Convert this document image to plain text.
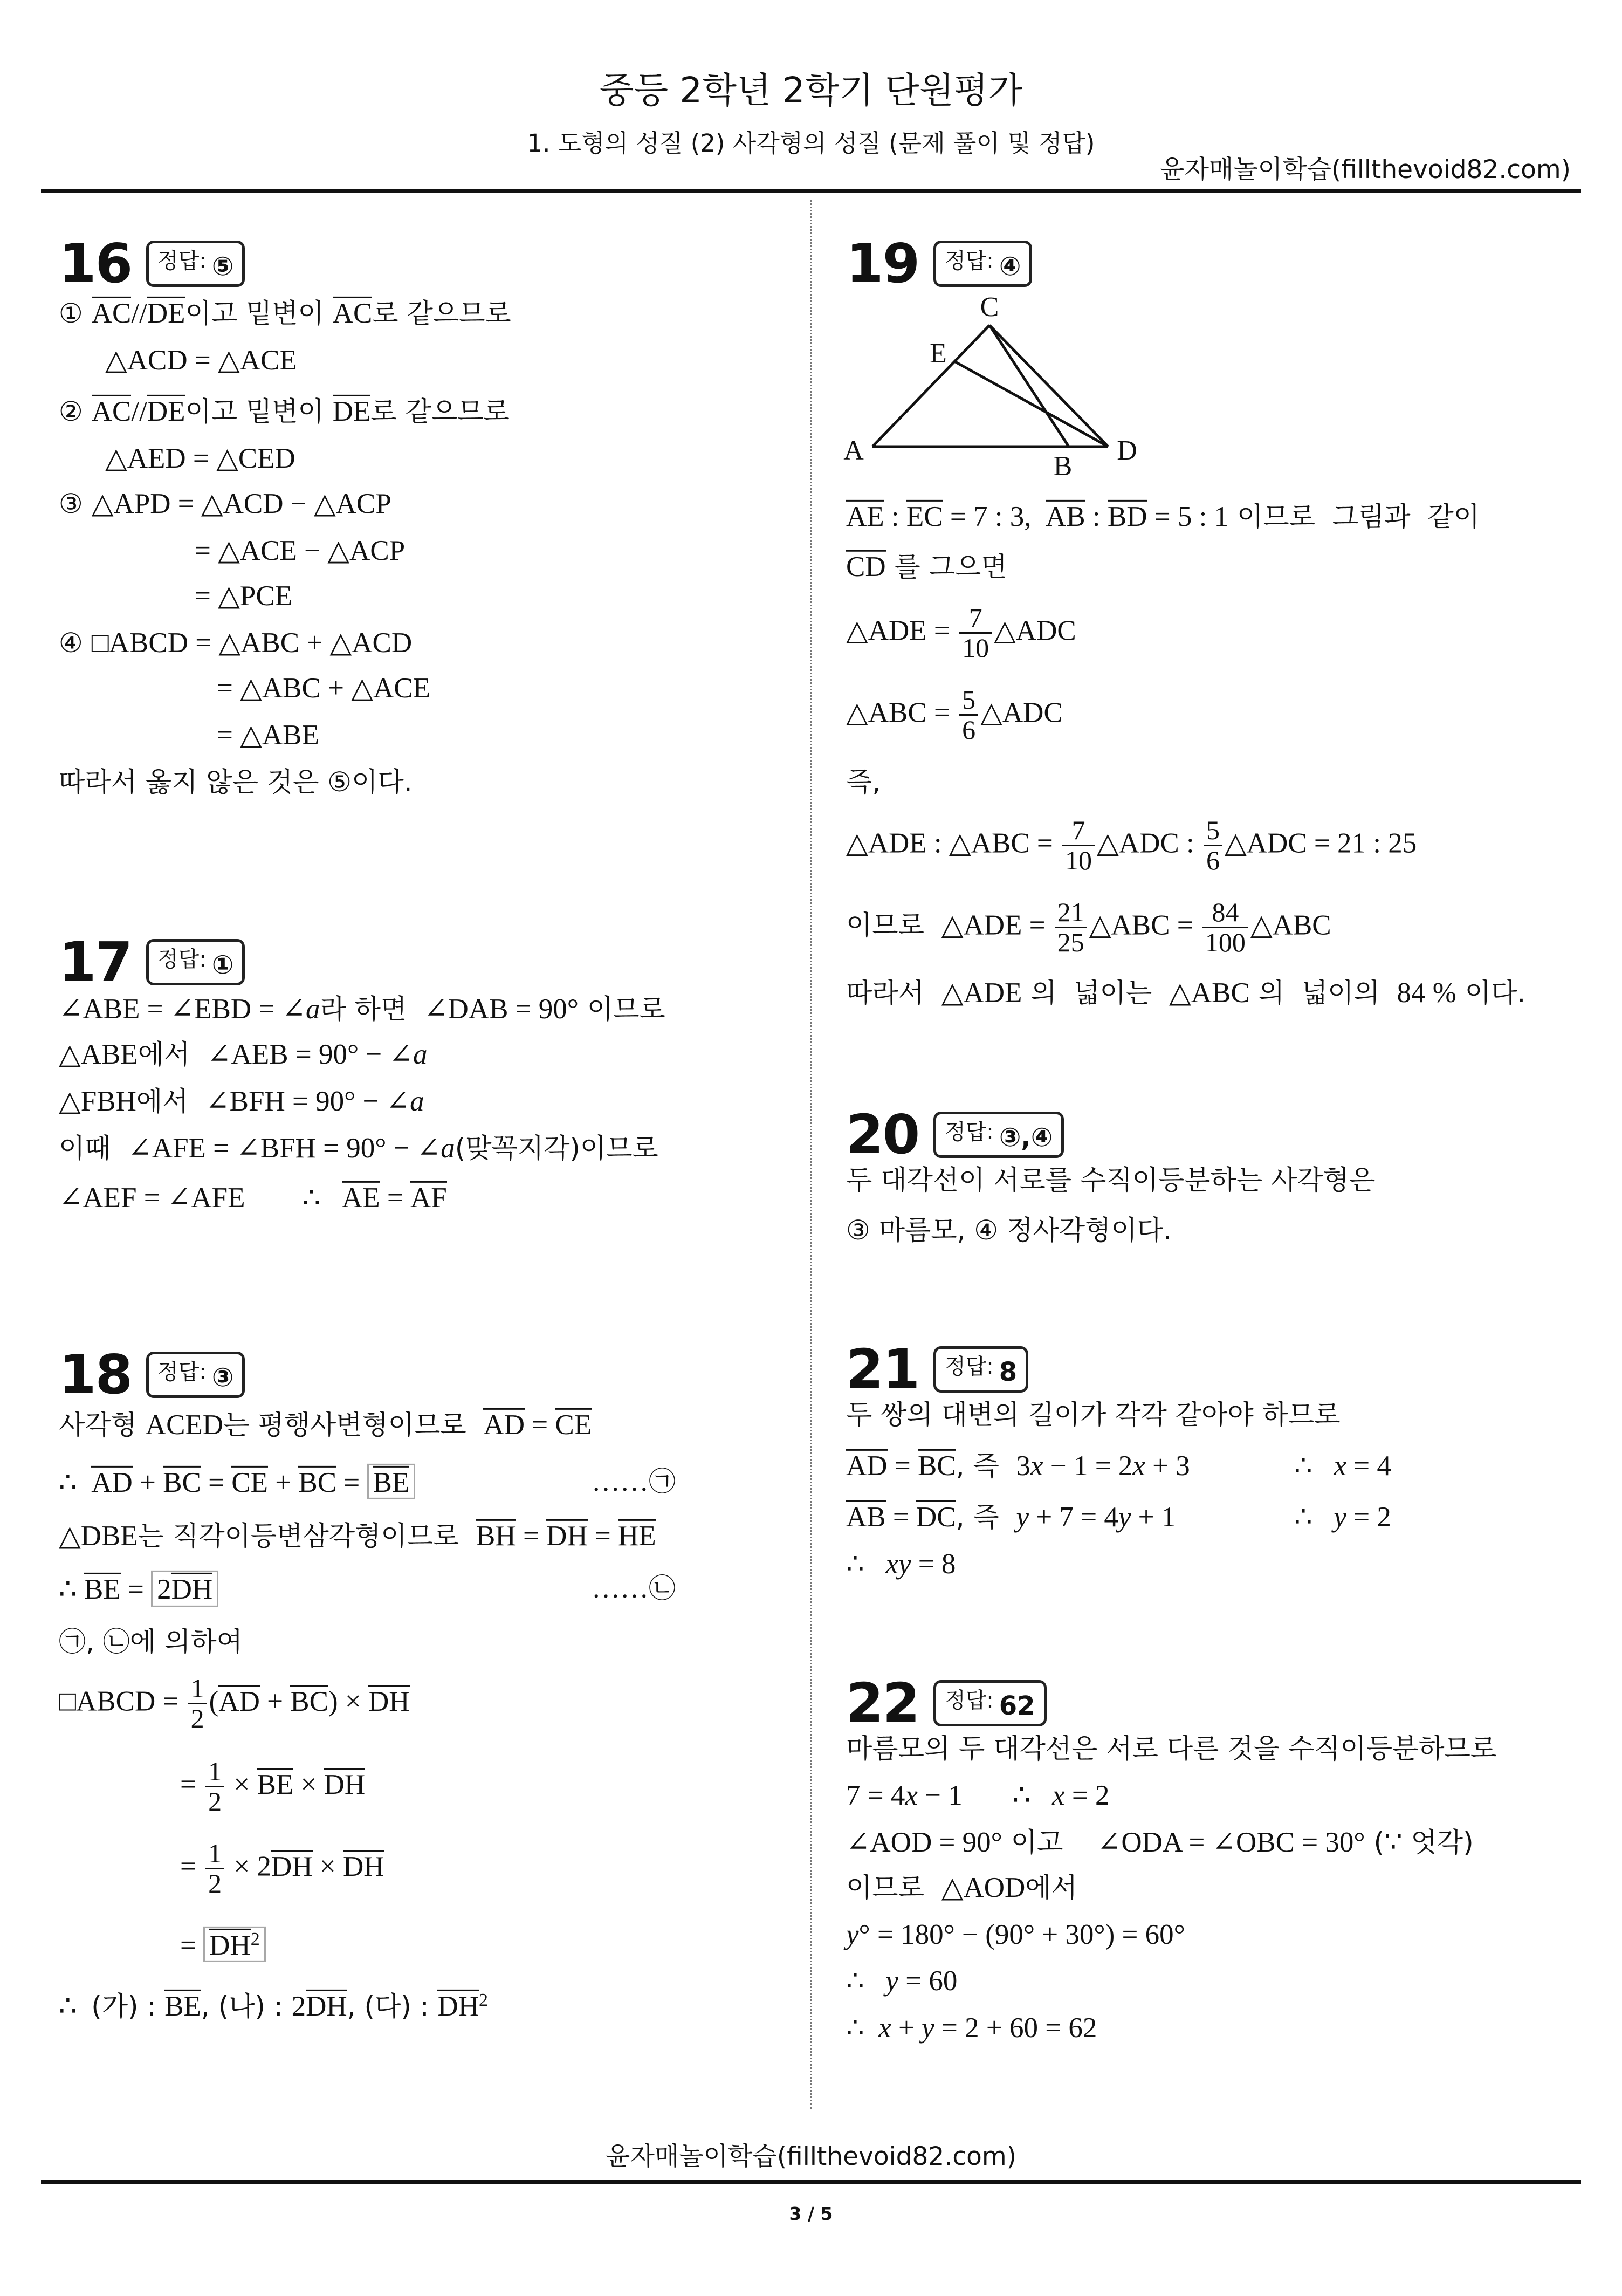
중등 2학년 2학기 단원평가
1. 도형의 성질 (2) 사각형의 성질 (문제 풀이 및 정답)
윤자매놀이학습(fillthevoid82.com)
A
C
E
B
D
윤자매놀이학습(fillthevoid82.com)
3 / 5
16 정답: ⑤
① AC//DE이고 밑변이 AC로 같으므로
△ACD = △ACE
② AC//DE이고 밑변이 DE로 같으므로
△AED = △CED
③ △APD = △ACD − △ACP
= △ACE − △ACP
= △PCE
④ □ABCD = △ABC + △ACD
= △ABC + △ACE
= △ABE
따라서 옳지 않은 것은 ⑤이다.
17 정답: ①
∠ABE = ∠EBD = ∠a라 하면  ∠DAB = 90° 이므로
△ABE에서  ∠AEB = 90° − ∠a
△FBH에서  ∠BFH = 90° − ∠a
이때  ∠AFE = ∠BFH = 90° − ∠a(맞꼭지각)이므로
∠AEF = ∠AFE        ∴   AE = AF
18 정답: ③
사각형 ACED는 평행사변형이므로  AD = CE
∴  AD + BC = CE + BC = BE	……㉠
△DBE는 직각이등변삼각형이므로  BH = DH = HE
∴ BE = 2DH	……㉡
㉠, ㉡에 의하여
□ABCD = $\frac{1}{2} (AD + BC)$ × DH
= $\frac{1}{2}$ × BE × DH
= $\frac{1}{2} \times 2DH$ × DH
= $DH^2$
∴  (가) : BE, (나) : 2DH, (다) : $DH^2$
19 정답: ④
AE : EC = 7 : 3,  AB : BD = 5 : 1 이므로  그림과  같이
CD 를 그으면
△ADE = $\frac{7}{10}$ △ADC
△ABC = $\frac{5}{6}$ △ADC
즉,
△ADE : △ABC = $\frac{7}{10}$ △ADC : $\frac{5}{6}$ △ADC = 21 : 25
이므로  △ADE = $\frac{21}{25}$ △ABC = $\frac{84}{100}$ △ABC
따라서  △ADE 의  넓이는  △ABC 의  넓이의  84 % 이다.
20 정답: ③,④
두 대각선이 서로를 수직이등분하는 사각형은
③ 마름모, ④ 정사각형이다.
21 정답: 8
두 쌍의 대변의 길이가 각각 같아야 하므로
AD = BC, 즉  3x − 1 = 2x + 3	∴   x = 4
AB = DC, 즉  y + 7 = 4y + 1	∴   y = 2
∴   xy = 8
22 정답: 62
마름모의 두 대각선은 서로 다른 것을 수직이등분하므로
7 = 4x − 1       ∴   x = 2
∠AOD = 90° 이고    ∠ODA = ∠OBC = 30° (∵ 엇각)
이므로  △AOD에서
y° = 180° − (90° + 30°) = 60°
∴   y = 60
∴  x + y = 2 + 60 = 62
